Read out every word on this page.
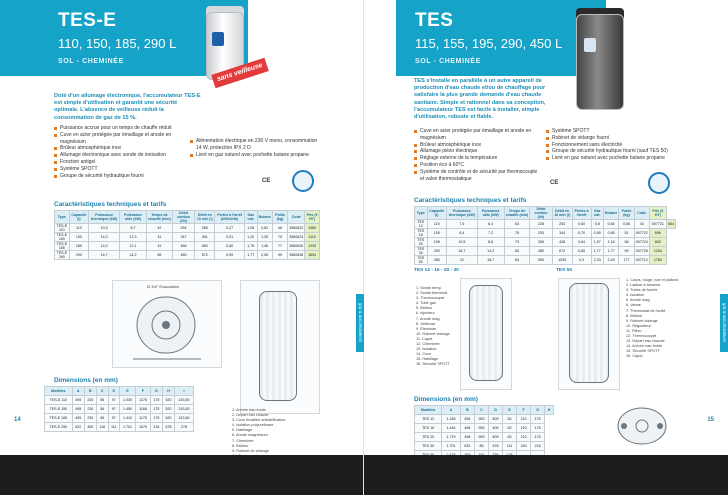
TES-E
110, 150, 185, 290 L
SOL - CHEMINÉE
sans veilleuse
Doté d'un allumage électronique, l'accumulateur TES-E est simple d'utilisation et garantit une sécurité optimale. L'absence de veilleuse réduit la consommation de gaz de 15 %.
Puissance accrue pour un temps de chauffe réduit
Cuve en acier protégée par émaillage et anode en magnésium
Brûleur atmosphérique inox
Allumage électronique avec sonde de ionisation
Fonction antigel
Système SPOTT
Groupe de sécurité hydraulique fourni
Alimentation électrique en 230 V mono, consommation 14 W, protection IPX 2 D
Livré en gaz naturel avec pochette butane propane
CE
Caractéristiques techniques et tarifs
Type	Capacité (l)	Puissance thermique (kW)	Puissance utile (kW)	Temps de chauffe (min)	Débit continu (l/h)	Débit en 10 min (l)	Pertes à l'arrêt (kWh/24h)	Gaz nat.	Butane	Poids (kg)	Code	Prix (€ HT)
TES-E 110	110	10,3	8,7	42	254	269	0,27	1,08	0,82	48	3560622	1080
TES-E 150	150	14,2	12,3	41	347	491	0,51	1,20	1,30	79	3560624	1110
TES-E 185	185	14,0	12,1	41	468	580	0,60	1,75	1,46	77	3560626	1230
TES-E 290	290	16,7	14,2	65	480	672	0,59	1,77	2,06	99	3560628	1654
Ø 3/4" Évacuation
1. Arrivée eau froide
2. Départ eau chaude
3. Cuve émaillée antivitrification
4. Isolation polyuréthane
5. Habillage
6. Anode magnésium
7. Cheminée
8. Brûleur
9. Robinet de vidange
Dimensions (en mm)
Modèles	A	B	C	D	E	F	G	H	I
TES-E 110	495	230	56	97	1.030	1175	175	520	243,50
TES-E 150	495	230	56	97	1.450	1168	175	520	243,50
TES-E 185	495	230	56	97	1.410	1175	175	520	243,50
TES-E 290	632	400	116	111	1.701	1679	216	678	278
14
TES
115, 155, 195, 290, 450 L
SOL - CHEMINÉE
TES s'installe en parallèle à un autre appareil de production d'eau chaude et/ou de chauffage pour satisfaire la plus grande demande d'eau chaude sanitaire. Simple et rationnel dans sa conception, l'accumulateur TES est facile à installer, simple d'utilisation, robuste et fiable.
Cuve en acier protégée par émaillage et anode en magnésium
Brûleur atmosphérique inox
Allumage piézo électrique
Réglage externe de la température
Position éco à 60°C
Système de contrôle et de sécurité par thermocouple et valve thermostatique
Système SPOTT
Robinet de vidange fourni
Fonctionnement sans électricité
Groupe de sécurité hydraulique fourni (sauf TES 50)
Livré en gaz naturel avec pochette butane propane
CE
Caractéristiques techniques et tarifs
Type	Capacité (l)	Puissance thermique (kW)	Puissance utile (kW)	Temps de chauffe (min)	Débit continu (l/h)	Débit en 10 min (l)	Pertes à l'arrêt	Gaz nat.	Butane	Poids (kg)	Code	Prix (€ HT)	
TES 12	115	7,5	6,4	63	228	253	0,60	0,8	0,84	0,56	43	007721	564
TES 16	155	8,4	7,2	75	253	344	0,70	0,89	0,85	51	007722	696	
TES 20	195	10,5	8,6	73	305	428	0,84	1,07	1,16	58	007724	800	
TES 30	290	16,7	14,2	65	480	672	0,85	1,77	1,77	99	007726	1254	
TES 50	450	22	18,7	84	555	1039	9,3	2,33	2,49	177	007712	1780	
TES 12 - 16 - 20 - 30	TES 50
1. Sonde temp.
2. Sonde thermost.
3. Thermocouple
4. Tube gaz
5. Brûleur
6. Injecteur
7. Anode mag.
8. Veilleuse
9. Électrode
10. Robinet vidange
11. Capot
12. Cheminée
13. Isolation
14. Cuve
15. Habillage
16. Sécurité SPOTT
1. Corps, rouge, noir et plafond
2. Laisser à amorcer
3. Tubes de fumée
4. Isolation
5. Anode mag.
6. Vanne
7. Thermostat de l'unité
8. Brûleur
9. Robinet vidange
10. Régulateur
11. Piézo
12. Thermocouple
13. Départ eau chaude
14. Arrivée eau froide
15. Sécurité SPOTT
16. Capot
Dimensions (en mm)
Modèles	A	B	C	D	E	F	G	H
TES 12	1.246	496	953	609	83	210	175	
TES 16	1.444	496	953	609	83	210	175	
TES 20	1.719	496	953	609	83	210	175	
TES 30	1.701	632	85	678	111	240	216	

gaz & accumulateurs
15
gaz & accumulateurs
